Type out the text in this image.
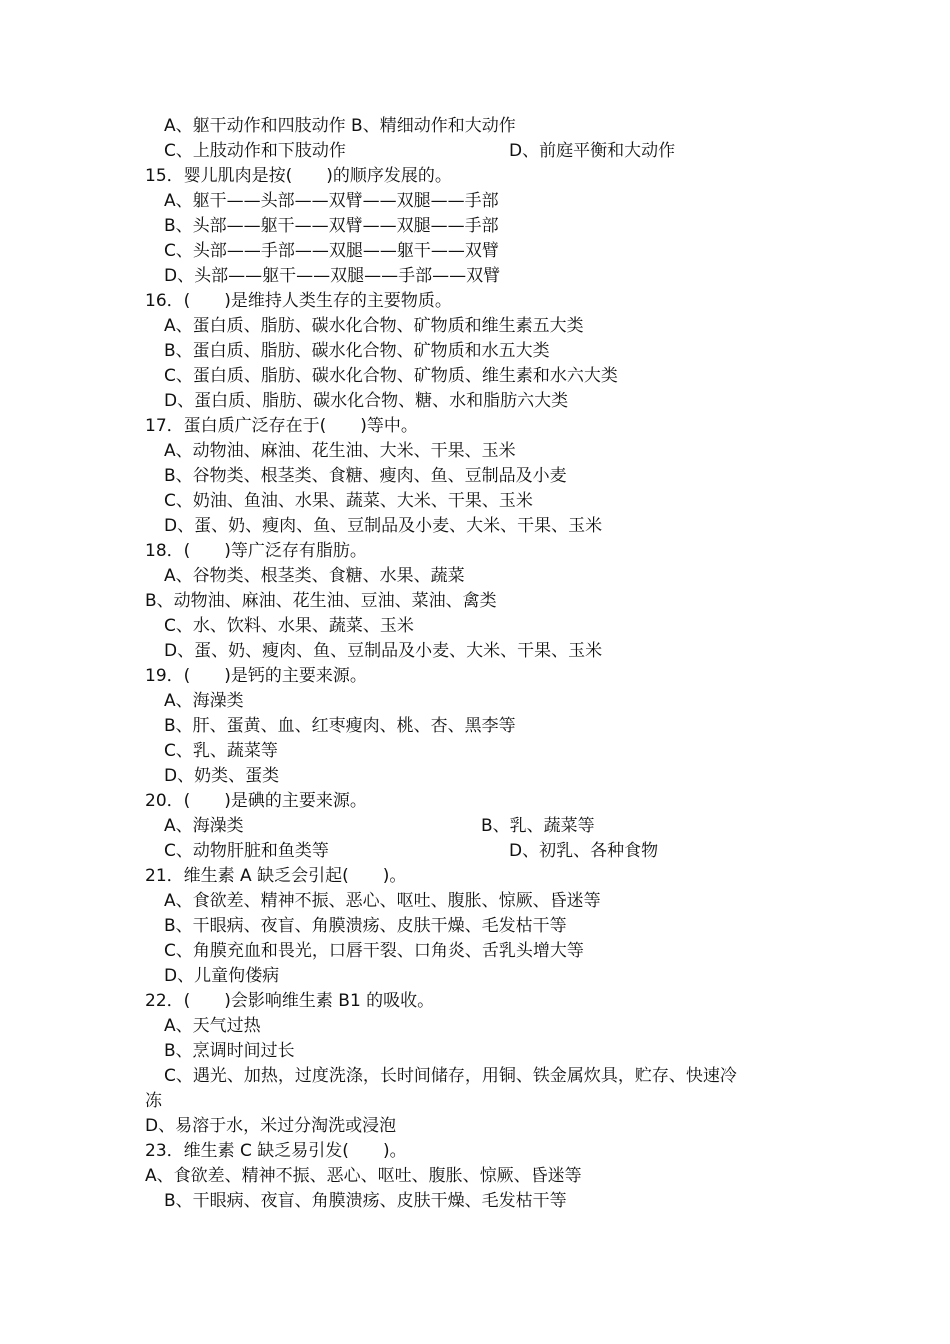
A、躯干动作和四肢动作 B、精细动作和大动作
C、上肢动作和下肢动作	D、前庭平衡和大动作
15．婴儿肌肉是按(　　)的顺序发展的。
A、躯干——头部——双臂——双腿——手部
B、头部——躯干——双臂——双腿——手部
C、头部——手部——双腿——躯干——双臂
D、头部——躯干——双腿——手部——双臂
16．(　　)是维持人类生存的主要物质。
A、蛋白质、脂肪、碳水化合物、矿物质和维生素五大类
B、蛋白质、脂肪、碳水化合物、矿物质和水五大类
C、蛋白质、脂肪、碳水化合物、矿物质、维生素和水六大类
D、蛋白质、脂肪、碳水化合物、糖、水和脂肪六大类
17．蛋白质广泛存在于(　　)等中。
A、动物油、麻油、花生油、大米、干果、玉米
B、谷物类、根茎类、食糖、瘦肉、鱼、豆制品及小麦
C、奶油、鱼油、水果、蔬菜、大米、干果、玉米
D、蛋、奶、瘦肉、鱼、豆制品及小麦、大米、干果、玉米
18．(　　)等广泛存有脂肪。
A、谷物类、根茎类、食糖、水果、蔬菜
B、动物油、麻油、花生油、豆油、菜油、禽类
C、水、饮料、水果、蔬菜、玉米
D、蛋、奶、瘦肉、鱼、豆制品及小麦、大米、干果、玉米
19．(　　)是钙的主要来源。
A、海澡类
B、肝、蛋黄、血、红枣瘦肉、桃、杏、黑李等
C、乳、蔬菜等
D、奶类、蛋类
20．(　　)是碘的主要来源。
A、海澡类	B、乳、蔬菜等
C、动物肝脏和鱼类等	D、初乳、各种食物
21．维生素 A 缺乏会引起(　　)。
A、食欲差、精神不振、恶心、呕吐、腹胀、惊厥、昏迷等
B、干眼病、夜盲、角膜溃疡、皮肤干燥、毛发枯干等
C、角膜充血和畏光，口唇干裂、口角炎、舌乳头增大等
D、儿童佝偻病
22．(　　)会影响维生素 B1 的吸收。
A、天气过热
B、烹调时间过长
C、遇光、加热，过度洗涤，长时间储存，用铜、铁金属炊具，贮存、快速冷
冻
D、易溶于水，米过分淘洗或浸泡
23．维生素 C 缺乏易引发(　　)。
A、食欲差、精神不振、恶心、呕吐、腹胀、惊厥、昏迷等
B、干眼病、夜盲、角膜溃疡、皮肤干燥、毛发枯干等
